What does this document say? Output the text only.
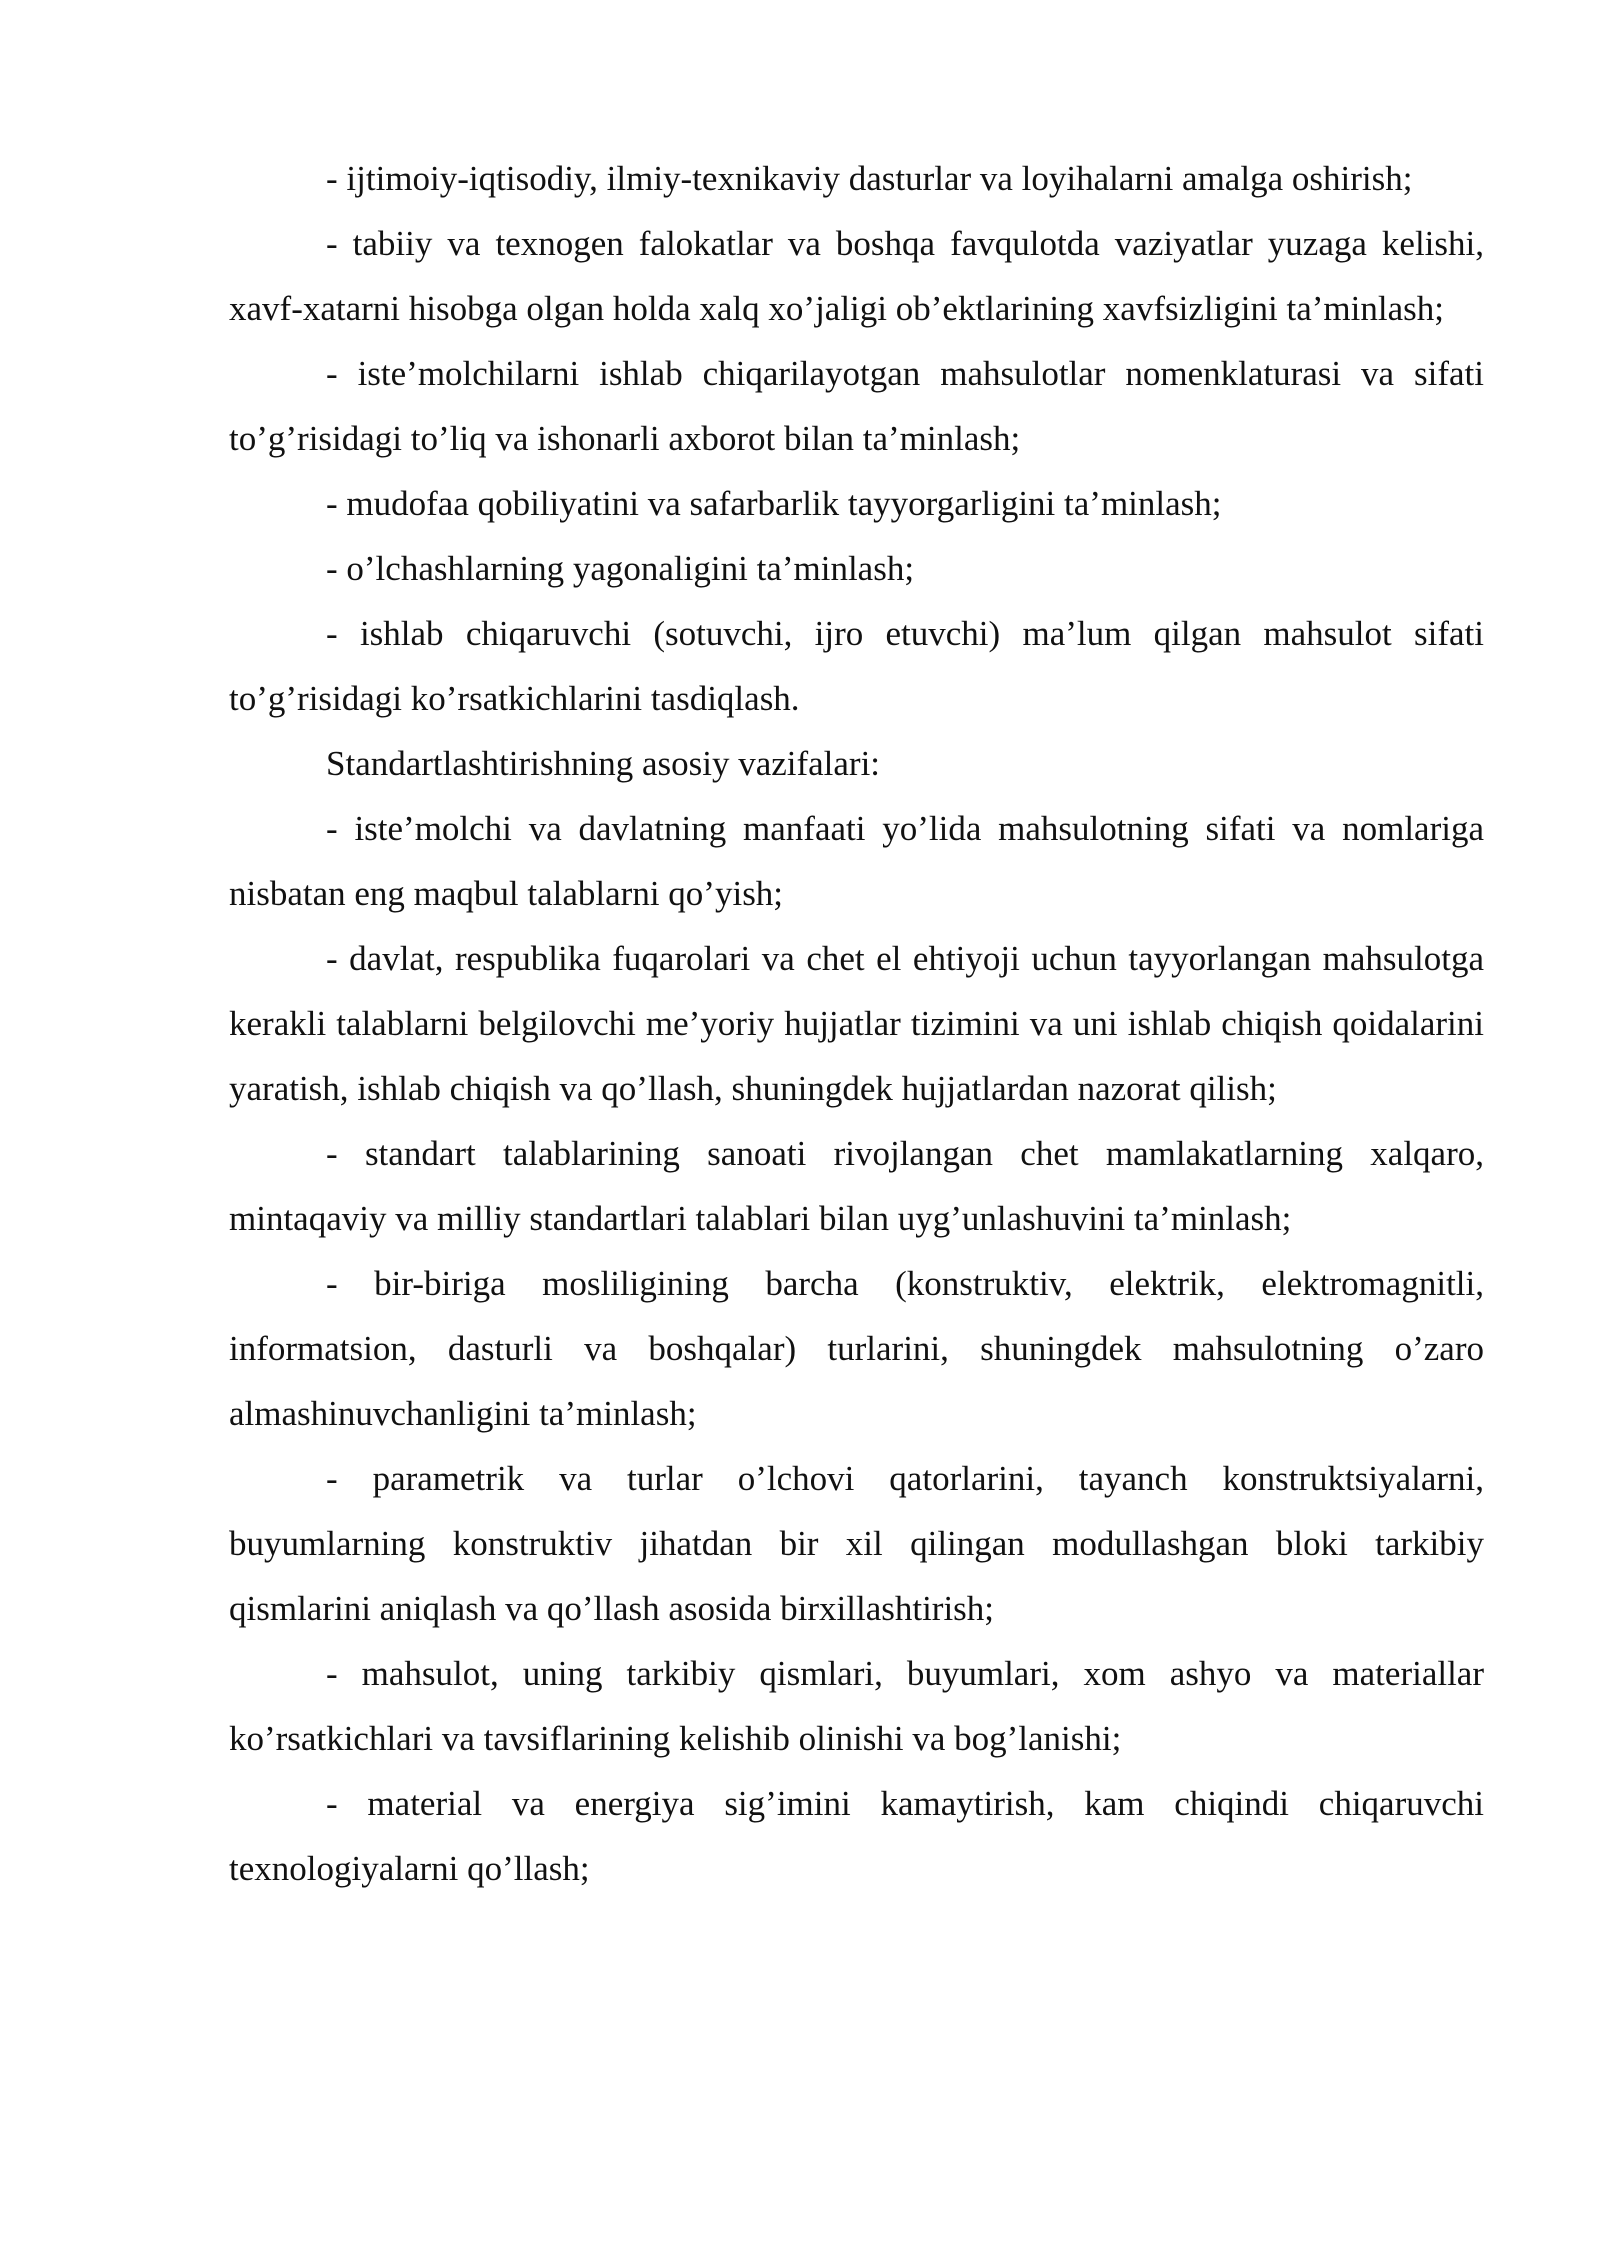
- ijtimoiy-iqtisodiy, ilmiy-texnikaviy dasturlar va loyihalarni amalga oshirish;

- tabiiy va texnogen falokatlar va boshqa favqulotda vaziyatlar yuzaga kelishi, xavf-xatarni hisobga olgan holda xalq xo’jaligi ob’ektlarining xavfsizligini ta’minlash;

- iste’molchilarni ishlab chiqarilayotgan mahsulotlar nomenklaturasi va sifati to’g’risidagi to’liq va ishonarli axborot bilan ta’minlash;

- mudofaa qobiliyatini va safarbarlik tayyorgarligini ta’minlash;

- o’lchashlarning yagonaligini ta’minlash;

- ishlab chiqaruvchi (sotuvchi, ijro etuvchi) ma’lum qilgan mahsulot sifati to’g’risidagi ko’rsatkichlarini tasdiqlash.

Standartlashtirishning asosiy vazifalari:

- iste’molchi va davlatning manfaati yo’lida mahsulotning sifati va nomlariga nisbatan eng maqbul talablarni qo’yish;

- davlat, respublika fuqarolari va chet el ehtiyoji uchun tayyorlangan mahsulotga kerakli talablarni belgilovchi me’yoriy hujjatlar tizimini va uni ishlab chiqish qoidalarini yaratish, ishlab chiqish va qo’llash, shuningdek hujjatlardan nazorat qilish;

- standart talablarining sanoati rivojlangan chet mamlakatlarning xalqaro, mintaqaviy va milliy standartlari talablari bilan uyg’unlashuvini ta’minlash;

- bir-biriga mosliligining barcha (konstruktiv, elektrik, elektromagnitli, informatsion, dasturli va boshqalar) turlarini, shuningdek mahsulotning o’zaro almashinuvchanligini ta’minlash;

- parametrik va turlar o’lchovi qatorlarini, tayanch konstruktsiyalarni, buyumlarning konstruktiv jihatdan bir xil qilingan modullashgan bloki tarkibiy qismlarini aniqlash va qo’llash asosida birxillashtirish;

- mahsulot, uning tarkibiy qismlari, buyumlari, xom ashyo va materiallar ko’rsatkichlari va tavsiflarining kelishib olinishi va bog’lanishi;

- material va energiya sig’imini kamaytirish, kam chiqindi chiqaruvchi texnologiyalarni qo’llash;
